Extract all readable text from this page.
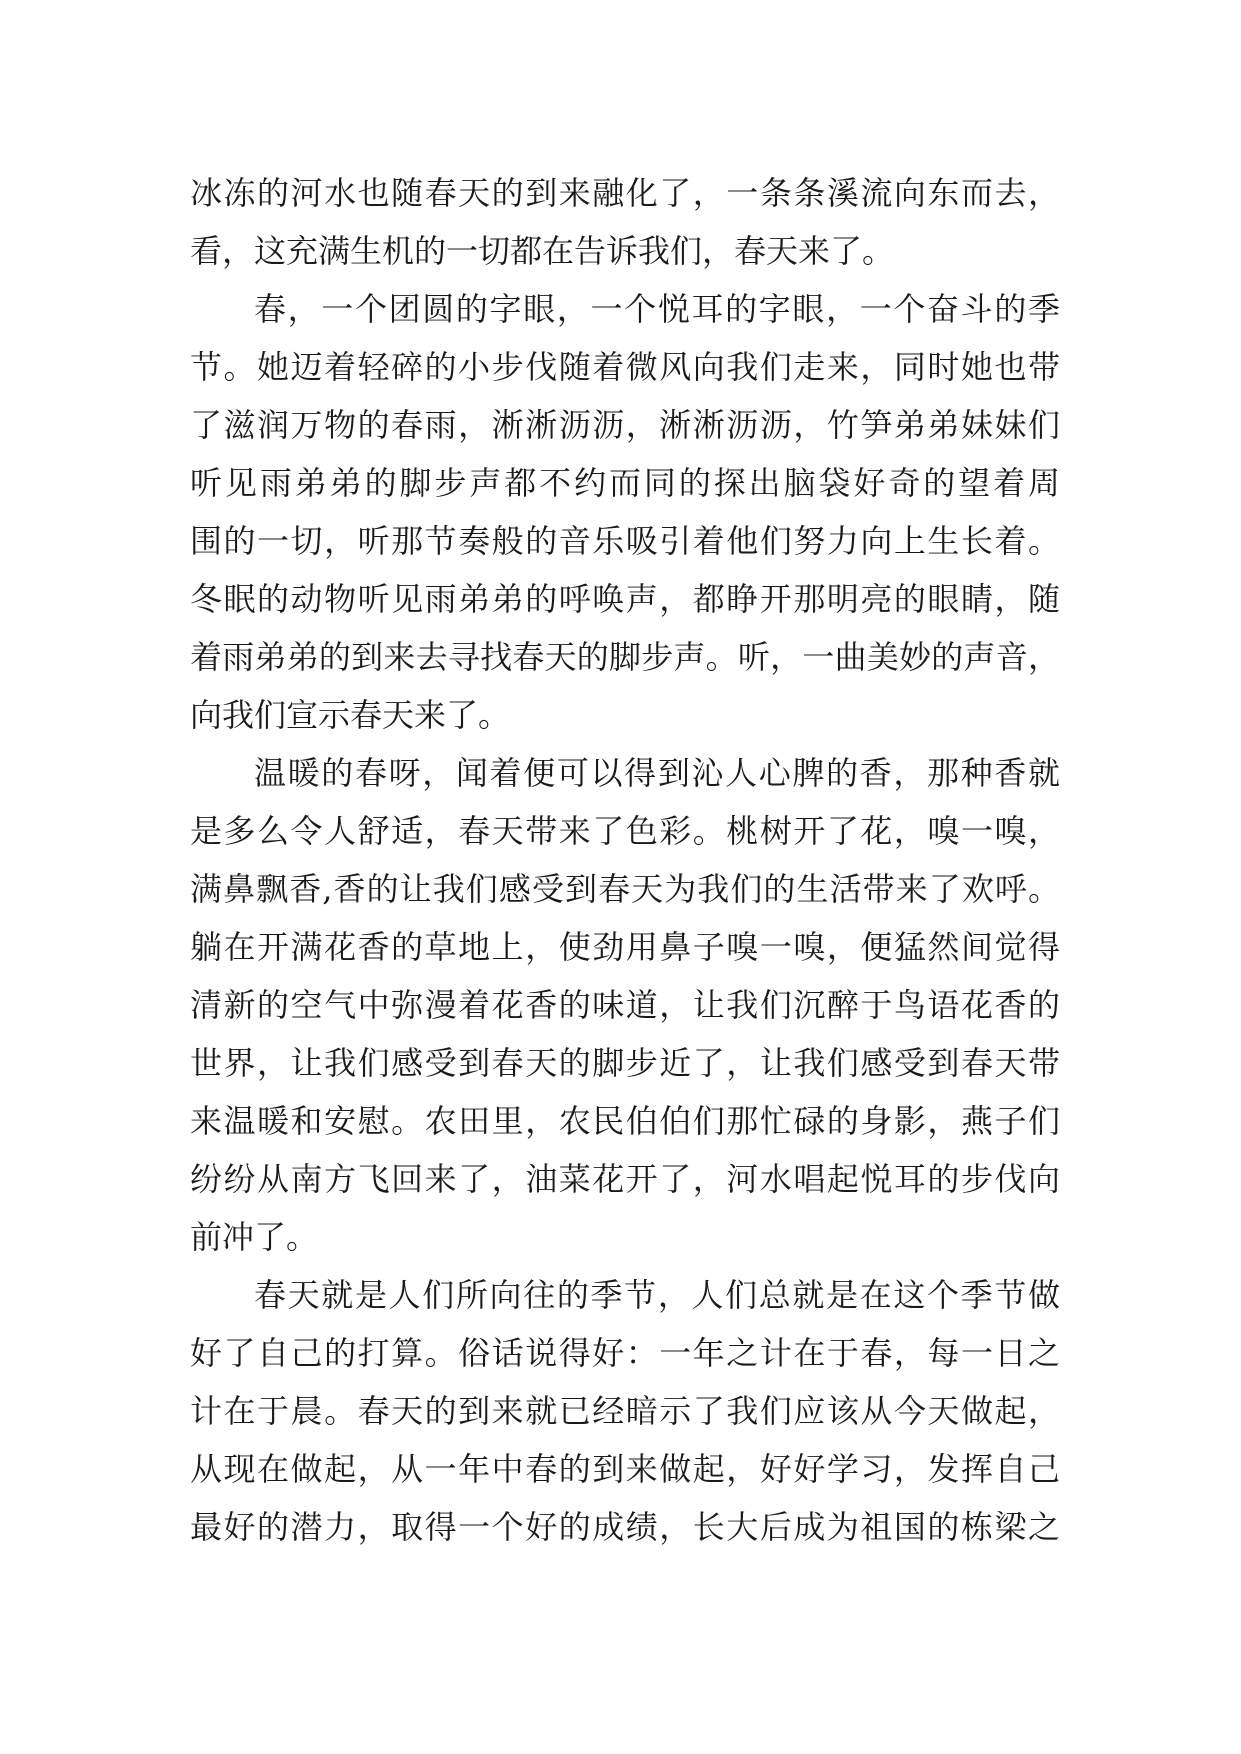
冰冻的河水也随春天的到来融化了，一条条溪流向东而去，
看，这充满生机的一切都在告诉我们，春天来了。
春，一个团圆的字眼，一个悦耳的字眼，一个奋斗的季
节。她迈着轻碎的小步伐随着微风向我们走来，同时她也带
了滋润万物的春雨，淅淅沥沥，淅淅沥沥，竹笋弟弟妹妹们
听见雨弟弟的脚步声都不约而同的探出脑袋好奇的望着周
围的一切，听那节奏般的音乐吸引着他们努力向上生长着。
冬眠的动物听见雨弟弟的呼唤声，都睁开那明亮的眼睛，随
着雨弟弟的到来去寻找春天的脚步声。听，一曲美妙的声音，
向我们宣示春天来了。
温暖的春呀，闻着便可以得到沁人心脾的香，那种香就
是多么令人舒适，春天带来了色彩。桃树开了花，嗅一嗅，
满鼻飘香,香的让我们感受到春天为我们的生活带来了欢呼。
躺在开满花香的草地上，使劲用鼻子嗅一嗅，便猛然间觉得
清新的空气中弥漫着花香的味道，让我们沉醉于鸟语花香的
世界，让我们感受到春天的脚步近了，让我们感受到春天带
来温暖和安慰。农田里，农民伯伯们那忙碌的身影，燕子们
纷纷从南方飞回来了，油菜花开了，河水唱起悦耳的步伐向
前冲了。
春天就是人们所向往的季节，人们总就是在这个季节做
好了自己的打算。俗话说得好：一年之计在于春，每一日之
计在于晨。春天的到来就已经暗示了我们应该从今天做起，
从现在做起，从一年中春的到来做起，好好学习，发挥自己
最好的潜力，取得一个好的成绩，长大后成为祖国的栋梁之
